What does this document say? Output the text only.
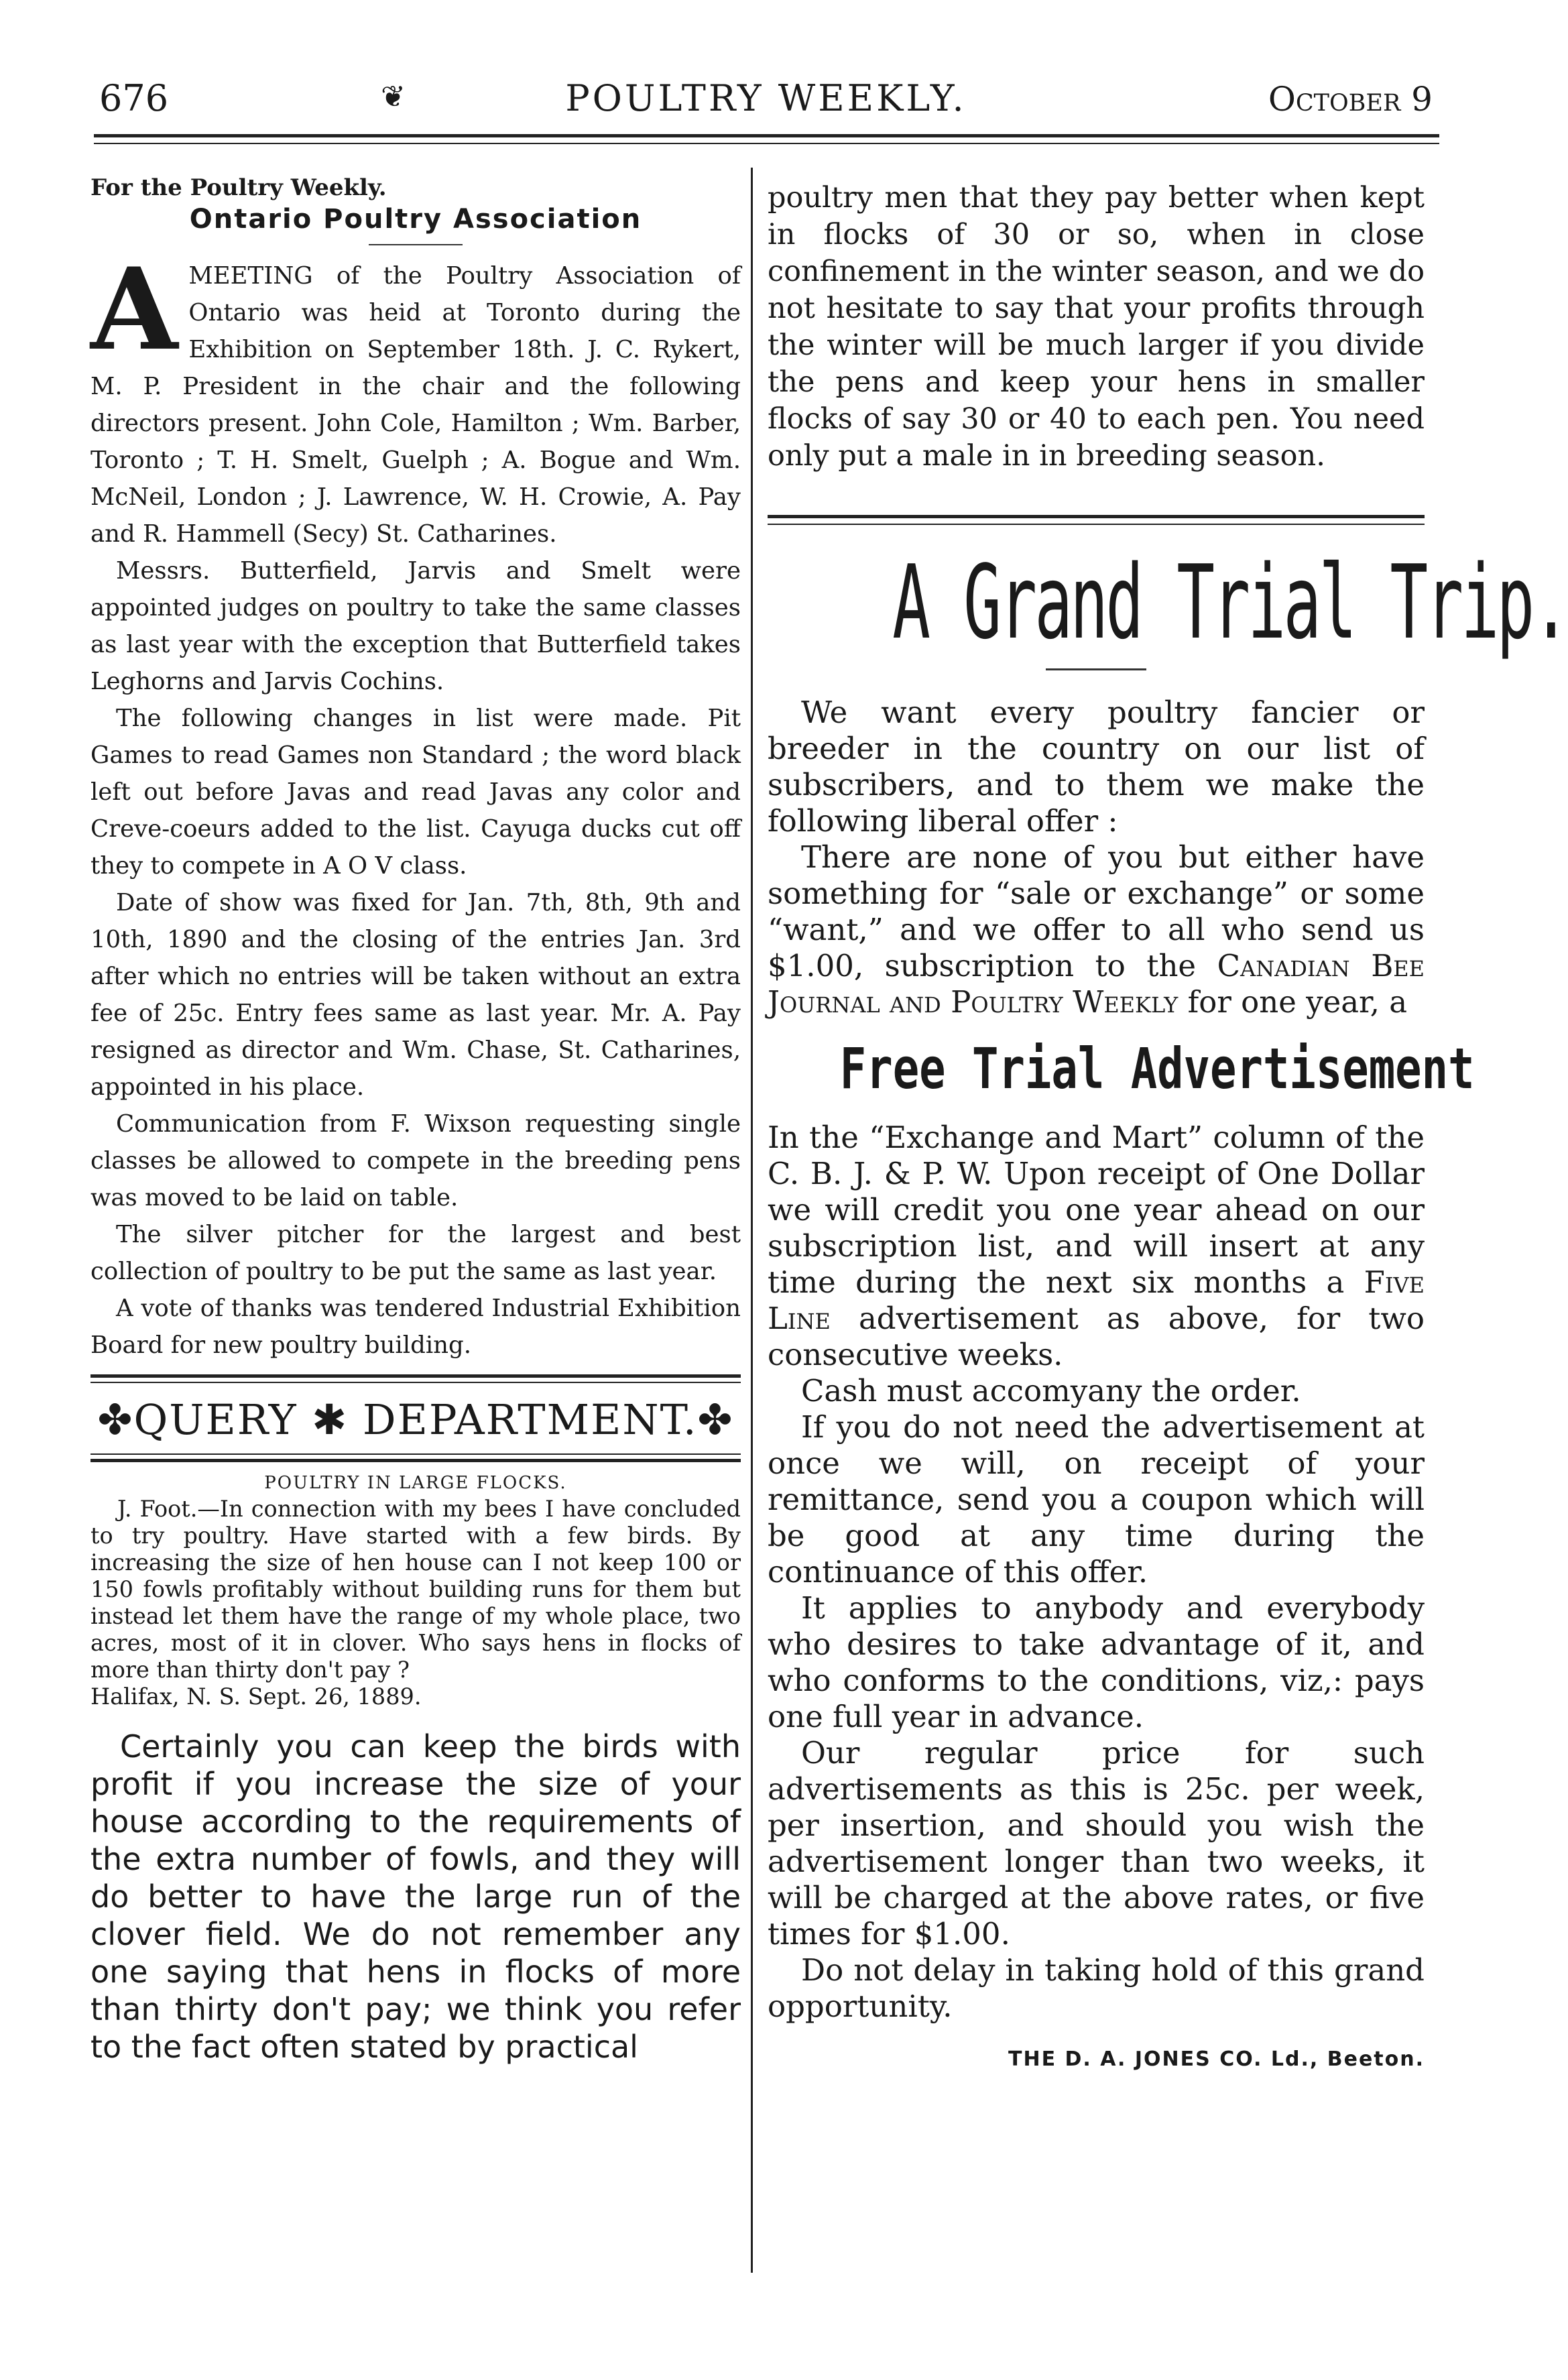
676	❦	POULTRY WEEKLY.	October 9
For the Poultry Weekly.
Ontario Poultry Association

AMEETING of the Poultry Association of Ontario was heid at Toronto during the Exhibition on September 18th. J. C. Rykert, M. P. President in the chair and the following directors present. John Cole, Hamilton ; Wm. Barber, Toronto ; T. H. Smelt, Guelph ; A. Bogue and Wm. McNeil, London ; J. Lawrence, W. H. Crowie, A. Pay and R. Hammell (Secy) St. Catharines.

Messrs. Butterfield, Jarvis and Smelt were appointed judges on poultry to take the same classes as last year with the exception that Butterfield takes Leghorns and Jarvis Cochins.

The following changes in list were made. Pit Games to read Games non Standard ; the word black left out before Javas and read Javas any color and Creve-coeurs added to the list. Cayuga ducks cut off they to compete in A O V class.

Date of show was fixed for Jan. 7th, 8th, 9th and 10th, 1890 and the closing of the entries Jan. 3rd after which no entries will be taken without an extra fee of 25c. Entry fees same as last year. Mr. A. Pay resigned as director and Wm. Chase, St. Catharines, appointed in his place.

Communication from F. Wixson requesting single classes be allowed to compete in the breeding pens was moved to be laid on table.

The silver pitcher for the largest and best collection of poultry to be put the same as last year.

A vote of thanks was tendered Industrial Exhibition Board for new poultry building.

✤QUERY ✱ DEPARTMENT.✤
POULTRY IN LARGE FLOCKS.

J. Foot.—In connection with my bees I have concluded to try poultry. Have started with a few birds. By increasing the size of hen house can I not keep 100 or 150 fowls profitably without building runs for them but instead let them have the range of my whole place, two acres, most of it in clover. Who says hens in flocks of more than thirty don't pay ?

Halifax, N. S. Sept. 26, 1889.

Certainly you can keep the birds with profit if you increase the size of your house according to the requirements of the extra number of fowls, and they will do better to have the large run of the clover field. We do not remember any one saying that hens in flocks of more than thirty don't pay; we think you refer to the fact often stated by practical

poultry men that they pay better when kept in flocks of 30 or so, when in close confinement in the winter season, and we do not hesitate to say that your profits through the winter will be much larger if you divide the pens and keep your hens in smaller flocks of say 30 or 40 to each pen. You need only put a male in in breeding season.

A Grand Trial Trip.

We want every poultry fancier or breeder in the country on our list of subscribers, and to them we make the following liberal offer :

There are none of you but either have something for “sale or exchange” or some “want,” and we offer to all who send us $1.00, subscription to the Canadian Bee Journal and Poultry Weekly for one year, a

Free Trial Advertisement

In the “Exchange and Mart” column of the C. B. J. & P. W. Upon receipt of One Dollar we will credit you one year ahead on our subscription list, and will insert at any time during the next six months a Five Line advertisement as above, for two consecutive weeks.

Cash must accomyany the order.

If you do not need the advertisement at once we will, on receipt of your remittance, send you a coupon which will be good at any time during the continuance of this offer.

It applies to anybody and everybody who desires to take advantage of it, and who conforms to the conditions, viz,: pays one full year in advance.

Our regular price for such advertisements as this is 25c. per week, per insertion, and should you wish the advertisement longer than two weeks, it will be charged at the above rates, or five times for $1.00.

Do not delay in taking hold of this grand opportunity.

THE D. A. JONES CO. Ld., Beeton.
